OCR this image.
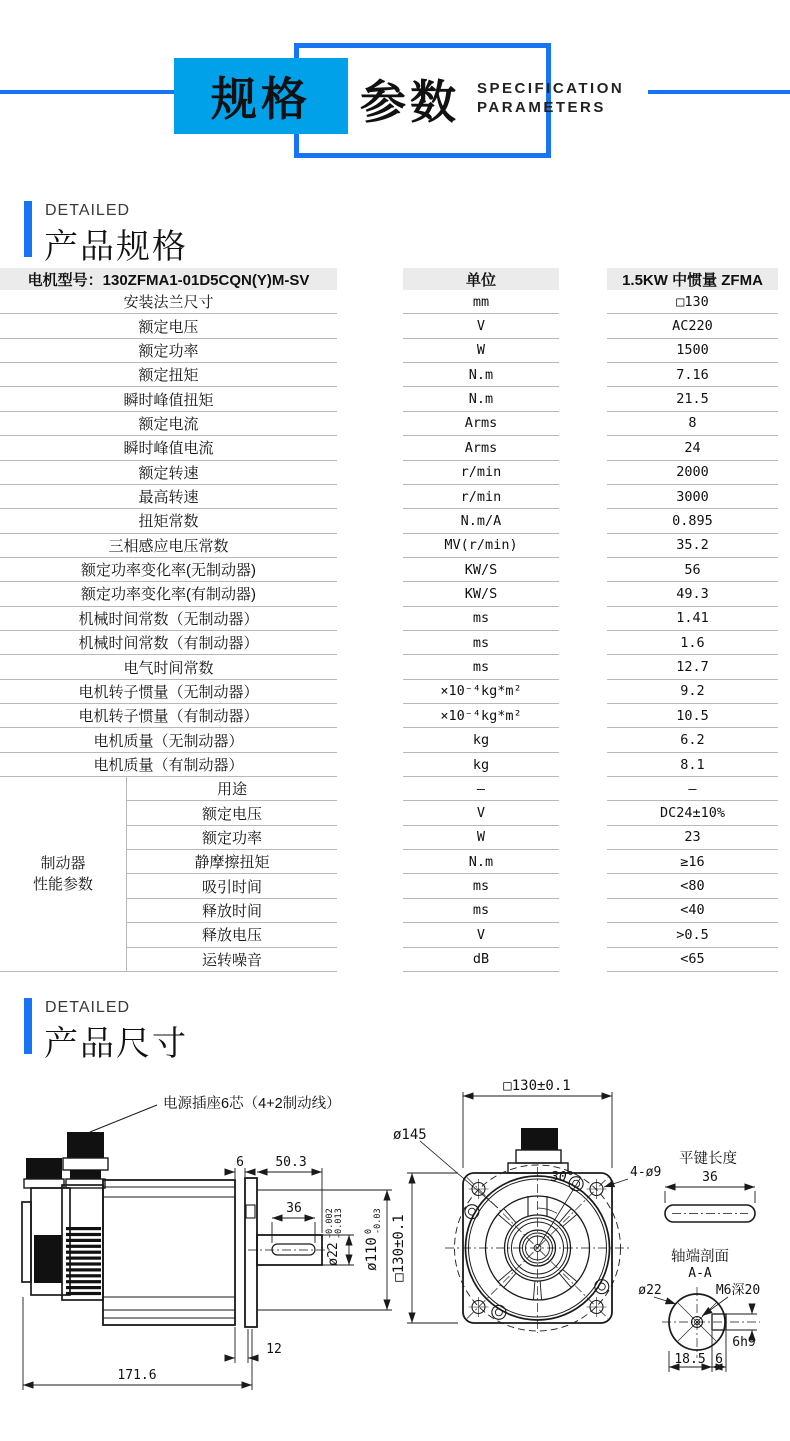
规格 参数 SPECIFICATION
PARAMETERS
DETAILED
产品规格
电机型号：130ZFMA1-01D5CQN(Y)M-SV	单位	1.5KW 中惯量 ZFMA
制动器
性能参数
安装法兰尺寸	mm	□130
额定电压	V	AC220
额定功率	W	1500
额定扭矩	N.m	7.16
瞬时峰值扭矩	N.m	21.5
额定电流	Arms	8
瞬时峰值电流	Arms	24
额定转速	r/min	2000
最高转速	r/min	3000
扭矩常数	N.m/A	0.895
三相感应电压常数	MV(r/min)	35.2
额定功率变化率(无制动器)	KW/S	56
额定功率变化率(有制动器)	KW/S	49.3
机械时间常数（无制动器）	ms	1.41
机械时间常数（有制动器）	ms	1.6
电气时间常数	ms	12.7
电机转子惯量（无制动器）	×10⁻⁴kg*m²	9.2
电机转子惯量（有制动器）	×10⁻⁴kg*m²	10.5
电机质量（无制动器）	kg	6.2
电机质量（有制动器）	kg	8.1
用途	—	—
额定电压	V	DC24±10%
额定功率	W	23
静摩擦扭矩	N.m	≥16
吸引时间	ms	<80
释放时间	ms	<40
释放电压	V	>0.5
运转噪音	dB	<65
DETAILED
产品尺寸
电源插座6芯（4+2制动线）
6 50.3
36
ø22
-0.002 -0.013
ø110
0 -0.03
12
171.6
30°
□130±0.1
□130±0.1
ø145
4-ø9
平键长度
36
轴端剖面
A-A
ø22	M6深20
6h9
18.5 6
